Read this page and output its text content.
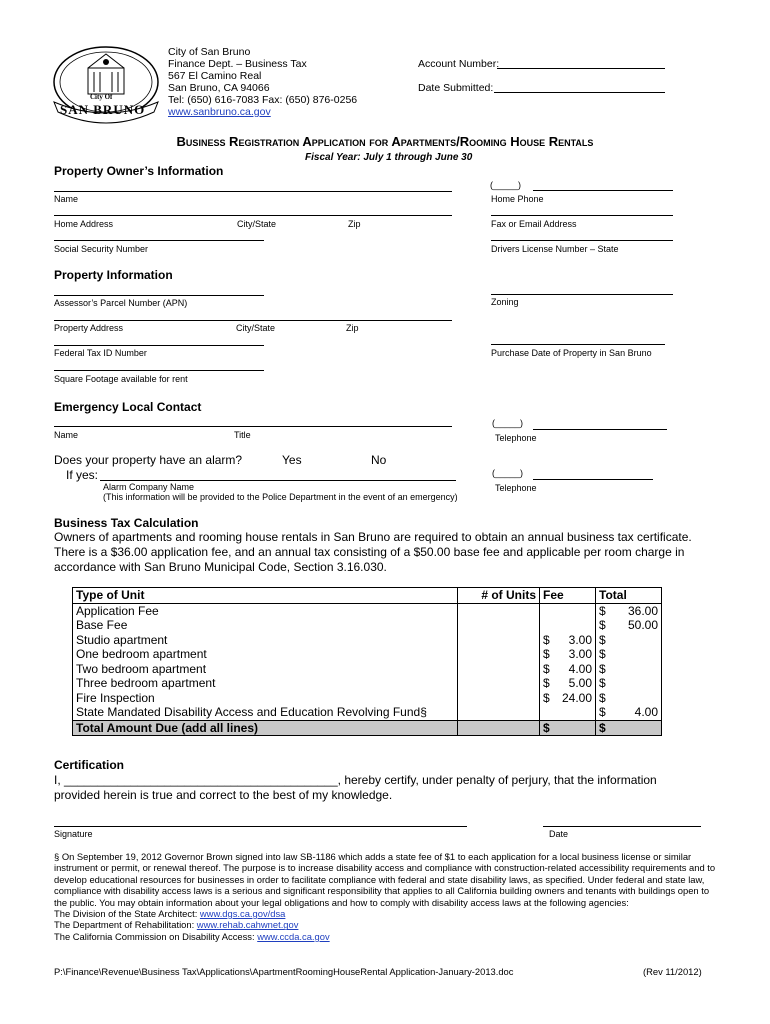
City Of
SAN BRUNO
City of San Bruno
Finance Dept. – Business Tax
567 El Camino Real
San Bruno, CA 94066
Tel: (650) 616-7083 Fax: (650) 876-0256
www.sanbruno.ca.gov
Account Number:
Date Submitted:
Business Registration Application for Apartments/Rooming House Rentals
Fiscal Year: July 1 through June 30
Property Owner’s Information
Name
(_____)
Home Phone
Home Address	City/State	Zip	Fax or Email Address
Social Security Number	Drivers License Number – State
Property Information
Assessor’s Parcel Number (APN)	Zoning
Property Address	City/State	Zip
Federal Tax ID Number	Purchase Date of Property in San Bruno
Square Footage available for rent
Emergency Local Contact
Name	Title
(_____)
Telephone
Does your property have an alarm?	Yes	No
If yes:
Alarm Company Name
(This information will be provided to the Police Department in the event of an emergency)
(_____)
Telephone
Business Tax Calculation
Owners of apartments and rooming house rentals in San Bruno are required to obtain an annual business tax certificate. There is a $36.00 application fee, and an annual tax consisting of a $50.00 base fee and applicable per room charge in accordance with San Bruno Municipal Code, Section 3.16.030.
Type of Unit	# of Units	Fee	Total
Application Fee			$ 36.00

Base Fee			$ 50.00

Studio apartment		$ 3.00	$
One bedroom apartment		$ 3.00	$
Two bedroom apartment		$ 4.00	$
Three bedroom apartment		$ 5.00	$
Fire Inspection		$ 24.00	$
State Mandated Disability Access and Education Revolving Fund§			$ 4.00

Total Amount Due (add all lines)		$	$
Certification
I, _________________________________________, hereby certify, under penalty of perjury, that the information
provided herein is true and correct to the best of my knowledge.
Signature	Date
§ On September 19, 2012 Governor Brown signed into law SB-1186 which adds a state fee of $1 to each application for a local business license or similar instrument or permit, or renewal thereof. The purpose is to increase disability access and compliance with construction-related accessibility requirements and to develop educational resources for businesses in order to facilitate compliance with federal and state disability laws, as specified. Under federal and state law, compliance with disability access laws is a serious and significant responsibility that applies to all California building owners and tenants with buildings open to the public. You may obtain information about your legal obligations and how to comply with disability access laws at the following agencies:
The Division of the State Architect: www.dgs.ca.gov/dsa
The Department of Rehabilitation: www.rehab.cahwnet.gov
The California Commission on Disability Access: www.ccda.ca.gov
P:\Finance\Revenue\Business Tax\Applications\ApartmentRoomingHouseRental Application-January-2013.doc	(Rev 11/2012)
